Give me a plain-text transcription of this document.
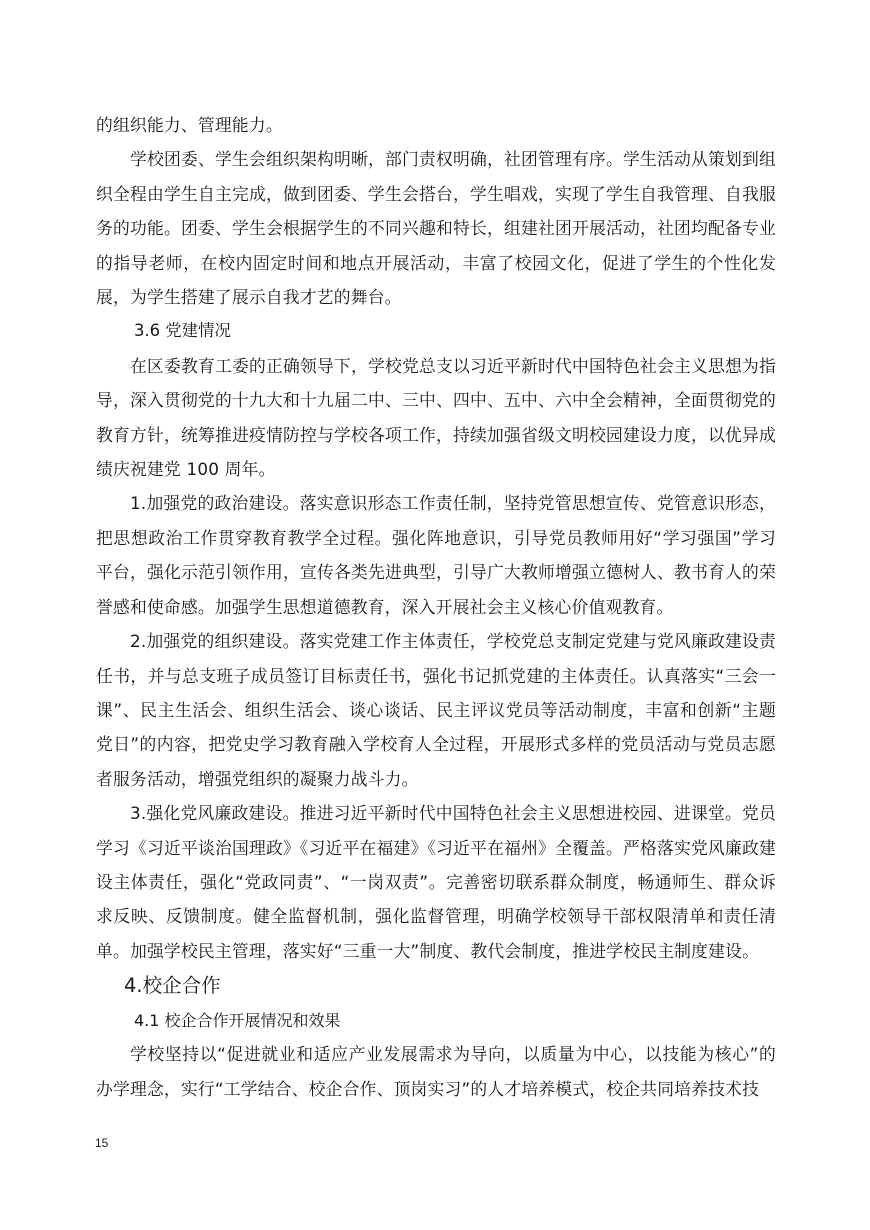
的组织能力、管理能力。

学校团委、学生会组织架构明晰，部门责权明确，社团管理有序。学生活动从策划到组织全程由学生自主完成，做到团委、学生会搭台，学生唱戏，实现了学生自我管理、自我服务的功能。团委、学生会根据学生的不同兴趣和特长，组建社团开展活动，社团均配备专业的指导老师，在校内固定时间和地点开展活动，丰富了校园文化，促进了学生的个性化发展，为学生搭建了展示自我才艺的舞台。

3.6 党建情况

在区委教育工委的正确领导下，学校党总支以习近平新时代中国特色社会主义思想为指导，深入贯彻党的十九大和十九届二中、三中、四中、五中、六中全会精神，全面贯彻党的教育方针，统筹推进疫情防控与学校各项工作，持续加强省级文明校园建设力度，以优异成绩庆祝建党 100 周年。

1.加强党的政治建设。落实意识形态工作责任制，坚持党管思想宣传、党管意识形态，把思想政治工作贯穿教育教学全过程。强化阵地意识，引导党员教师用好“学习强国”学习平台，强化示范引领作用，宣传各类先进典型，引导广大教师增强立德树人、教书育人的荣誉感和使命感。加强学生思想道德教育，深入开展社会主义核心价值观教育。

2.加强党的组织建设。落实党建工作主体责任，学校党总支制定党建与党风廉政建设责任书，并与总支班子成员签订目标责任书，强化书记抓党建的主体责任。认真落实“三会一课”、民主生活会、组织生活会、谈心谈话、民主评议党员等活动制度，丰富和创新“主题党日”的内容，把党史学习教育融入学校育人全过程，开展形式多样的党员活动与党员志愿者服务活动，增强党组织的凝聚力战斗力。

3.强化党风廉政建设。推进习近平新时代中国特色社会主义思想进校园、进课堂。党员学习《习近平谈治国理政》《习近平在福建》《习近平在福州》全覆盖。严格落实党风廉政建设主体责任，强化“党政同责”、“一岗双责”。完善密切联系群众制度，畅通师生、群众诉求反映、反馈制度。健全监督机制，强化监督管理，明确学校领导干部权限清单和责任清单。加强学校民主管理，落实好“三重一大”制度、教代会制度，推进学校民主制度建设。

4.校企合作
4.1 校企合作开展情况和效果

学校坚持以“促进就业和适应产业发展需求为导向，以质量为中心，以技能为核心”的办学理念，实行“工学结合、校企合作、顶岗实习”的人才培养模式，校企共同培养技术技

15
